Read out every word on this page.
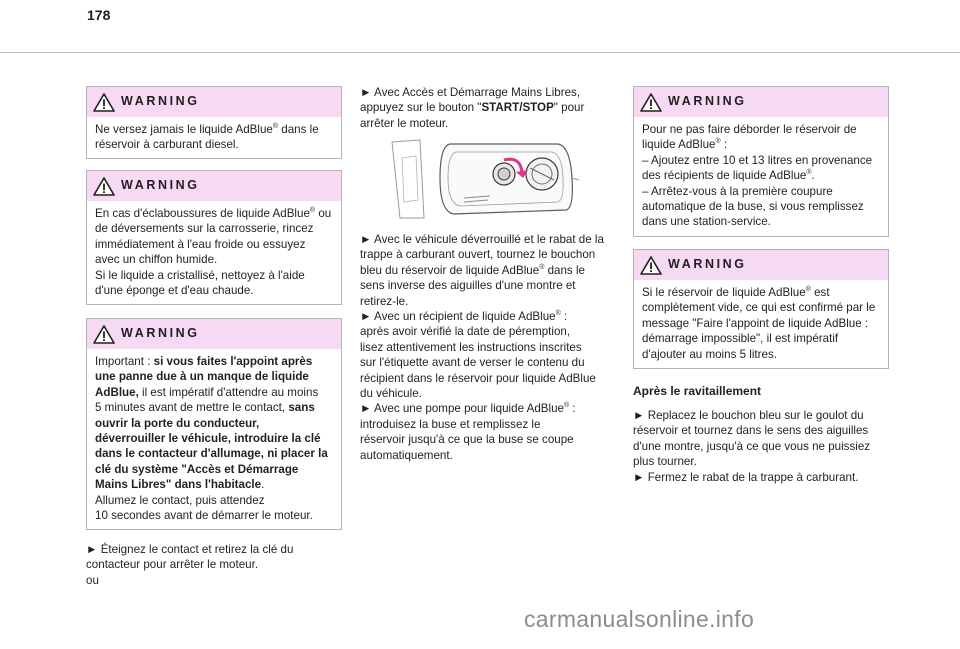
178
WARNING

Ne versez jamais le liquide AdBlue® dans le

réservoir à carburant diesel.

WARNING

En cas d'éclaboussures de liquide AdBlue® ou

de déversements sur la carrosserie, rincez

immédiatement à l'eau froide ou essuyez

avec un chiffon humide.

Si le liquide a cristallisé, nettoyez à l'aide

d'une éponge et d'eau chaude.

WARNING

Important : si vous faites l'appoint après

une panne due à un manque de liquide

AdBlue, il est impératif d'attendre au moins

5 minutes avant de mettre le contact, sans

ouvrir la porte du conducteur,

déverrouiller le véhicule, introduire la clé

dans le contacteur d'allumage, ni placer la

clé du système "Accès et Démarrage

Mains Libres" dans l'habitacle.

Allumez le contact, puis attendez

10 secondes avant de démarrer le moteur.

► Éteignez le contact et retirez la clé du

contacteur pour arrêter le moteur.

ou

► Avec Accès et Démarrage Mains Libres,

appuyez sur le bouton "START/STOP" pour

arrêter le moteur.

► Avec le véhicule déverrouillé et le rabat de la

trappe à carburant ouvert, tournez le bouchon

bleu du réservoir de liquide AdBlue® dans le

sens inverse des aiguilles d'une montre et

retirez-le.

► Avec un récipient de liquide AdBlue® :

après avoir vérifié la date de péremption,

lisez attentivement les instructions inscrites

sur l'étiquette avant de verser le contenu du

récipient dans le réservoir pour liquide AdBlue

du véhicule.

► Avec une pompe pour liquide AdBlue® :

introduisez la buse et remplissez le

réservoir jusqu'à ce que la buse se coupe

automatiquement.

WARNING

Pour ne pas faire déborder le réservoir de

liquide AdBlue® :

– Ajoutez entre 10 et 13 litres en provenance

des récipients de liquide AdBlue®.

– Arrêtez-vous à la première coupure

automatique de la buse, si vous remplissez

dans une station-service.

WARNING

Si le réservoir de liquide AdBlue® est

complètement vide, ce qui est confirmé par le

message "Faire l'appoint de liquide AdBlue :

démarrage impossible", il est impératif

d'ajouter au moins 5 litres.

Après le ravitaillement

► Replacez le bouchon bleu sur le goulot du

réservoir et tournez dans le sens des aiguilles

d'une montre, jusqu'à ce que vous ne puissiez

plus tourner.

► Fermez le rabat de la trappe à carburant.

carmanualsonline.info
